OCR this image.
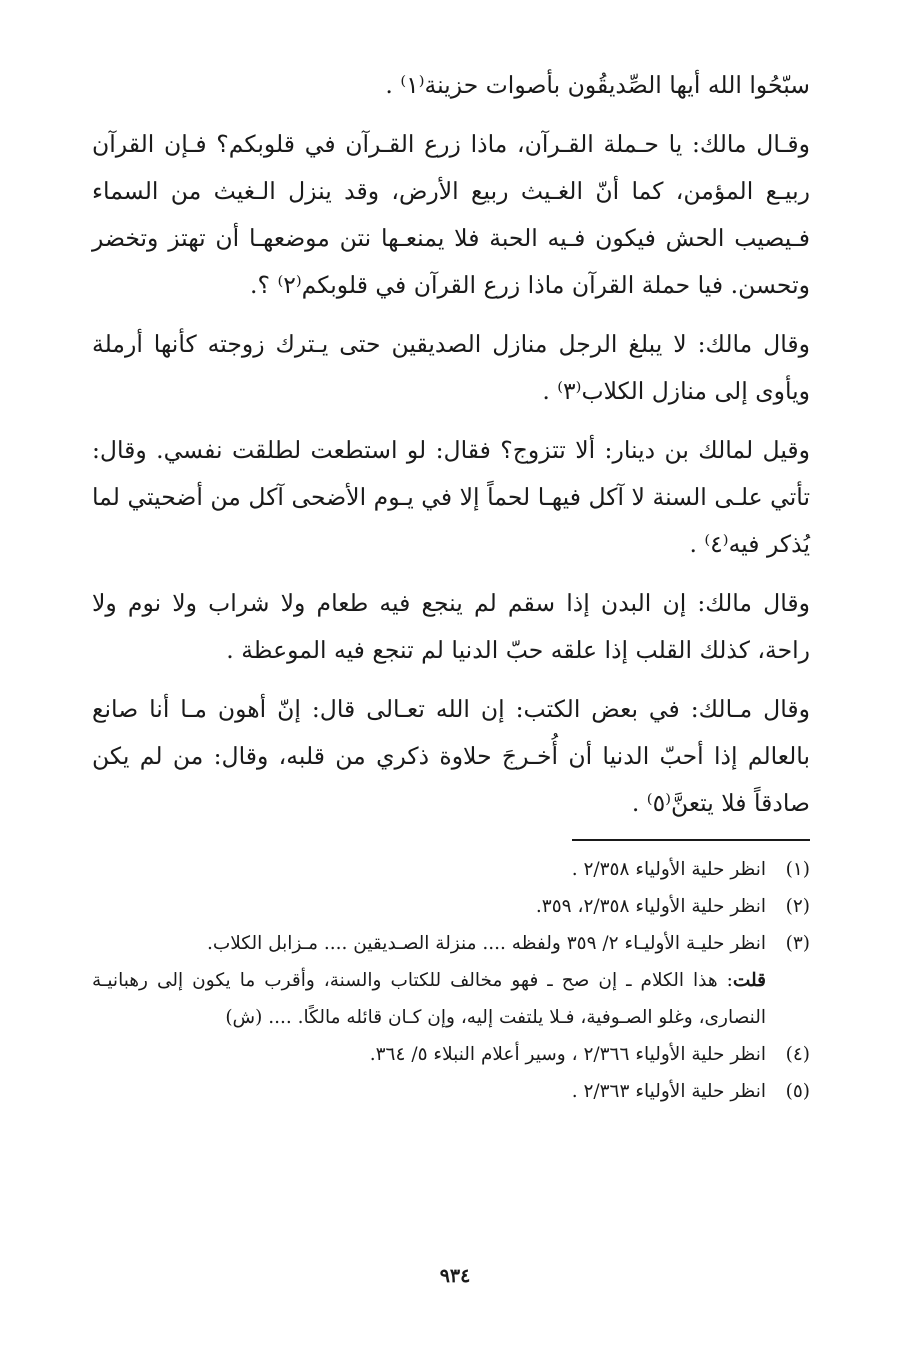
سبّحُوا الله أيها الصِّديقُون بأصوات حزينة⁽١⁾ .

وقـال مالك: يا حـملة القـرآن، ماذا زرع القـرآن في قلوبكم؟ فـإن القرآن ربيـع المؤمن، كما أنّ الغـيث ربيع الأرض، وقد ينزل الـغيث من السماء فـيصيب الحش فيكون فـيه الحبة فلا يمنعـها نتن موضعهـا أن تهتز وتخضر وتحسن. فيا حملة القرآن ماذا زرع القرآن في قلوبكم⁽٢⁾ ؟.

وقال مالك: لا يبلغ الرجل منازل الصديقين حتى يـترك زوجته كأنها أرملة ويأوى إلى منازل الكلاب⁽٣⁾ .

وقيل لمالك بن دينار: ألا تتزوج؟ فقال: لو استطعت لطلقت نفسي. وقال: تأتي علـى السنة لا آكل فيهـا لحماً إلا في يـوم الأضحى آكل من أضحيتي لما يُذكر فيه⁽٤⁾ .

وقال مالك: إن البدن إذا سقم لم ينجع فيه طعام ولا شراب ولا نوم ولا راحة، كذلك القلب إذا علقه حبّ الدنيا لم تنجع فيه الموعظة .

وقال مـالك: في بعض الكتب: إن الله تعـالى قال: إنّ أهون مـا أنا صانع بالعالم إذا أحبّ الدنيا أن أُخـرجَ حلاوة ذكري من قلبه، وقال: من لم يكن صادقاً فلا يتعنَّ⁽٥⁾ .

(١)
انظر حلية الأولياء ٢/٣٥٨ .

(٢)
انظر حلية الأولياء ٢/٣٥٨، ٣٥٩.

(٣)
انظر حليـة الأوليـاء ٢/ ٣٥٩ ولفظه .... منزلة الصـديقين .... مـزابل الكلاب.

قلت: هذا الكلام ـ إن صح ـ فهو مخالف للكتاب والسنة، وأقرب ما يكون إلى رهبانيـة النصارى، وغلو الصـوفية، فـلا يلتفت إليه، وإن كـان قائله مالكًا. .... (ش)

(٤)
انظر حلية الأولياء ٢/٣٦٦ ، وسير أعلام النبلاء ٥/ ٣٦٤.

(٥)
انظر حلية الأولياء ٢/٣٦٣ .

٩٣٤
